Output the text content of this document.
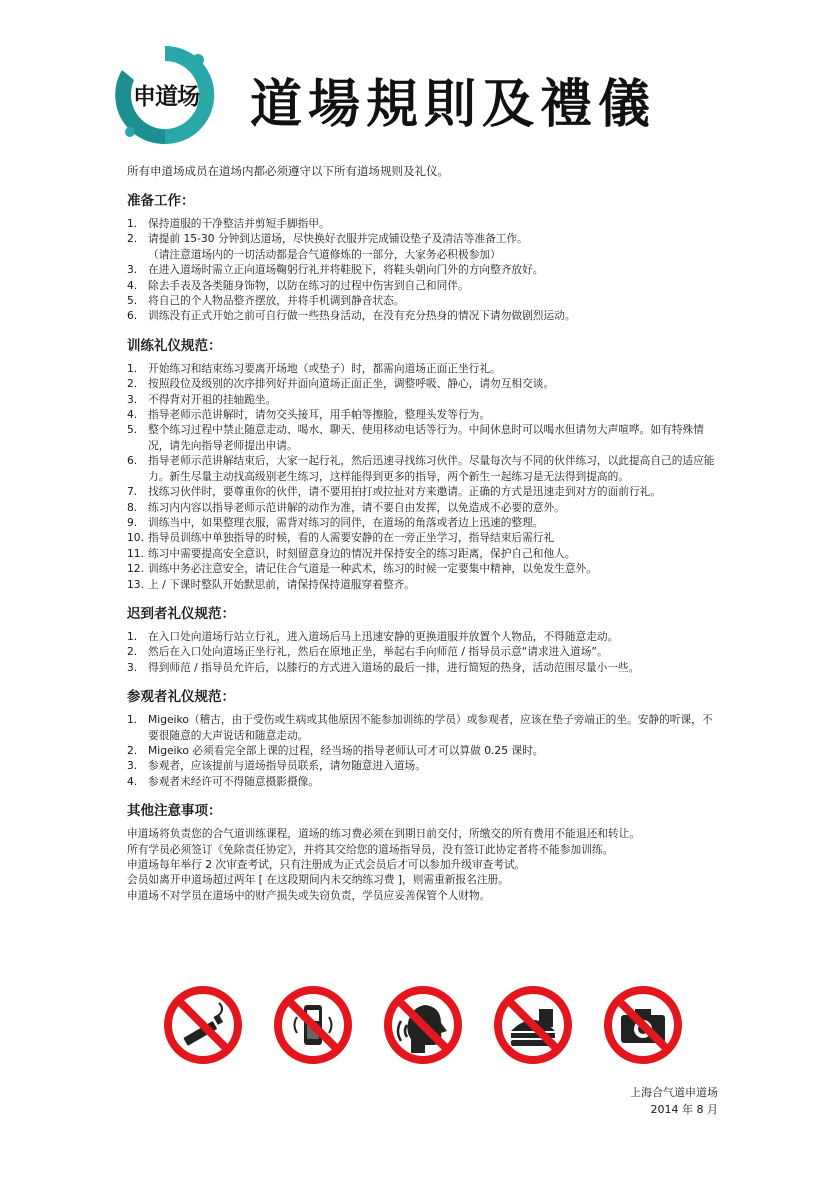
申道场 道場規則及禮儀

所有申道场成员在道场内都必须遵守以下所有道场规则及礼仪。

准备工作：
1. 保持道服的干净整洁并剪短手脚指甲。
2. 请提前 15-30 分钟到达道场，尽快换好衣服并完成铺设垫子及清洁等准备工作。
（请注意道场内的一切活动都是合气道修炼的一部分，大家务必积极参加）
3. 在进入道场时需立正向道场鞠躬行礼并将鞋脱下，将鞋头朝向门外的方向整齐放好。
4. 除去手表及各类随身饰物，以防在练习的过程中伤害到自己和同伴。
5. 将自己的个人物品整齐摆放，并将手机调到静音状态。
6. 训练没有正式开始之前可自行做一些热身活动，在没有充分热身的情况下请勿做剧烈运动。
训练礼仪规范：
1. 开始练习和结束练习要离开场地（或垫子）时，都需向道场正面正坐行礼。
2. 按照段位及级别的次序排列好并面向道场正面正坐，调整呼吸、静心，请勿互相交谈。
3. 不得背对开祖的挂轴跪坐。
4. 指导老师示范讲解时，请勿交头接耳，用手帕等擦脸，整理头发等行为。
5. 整个练习过程中禁止随意走动、喝水、聊天、使用移动电话等行为。中间休息时可以喝水但请勿大声喧哗。如有特殊情况，请先向指导老师提出申请。
6. 指导老师示范讲解结束后，大家一起行礼，然后迅速寻找练习伙伴。尽量每次与不同的伙伴练习，以此提高自己的适应能力。新生尽量主动找高级别老生练习，这样能得到更多的指导，两个新生一起练习是无法得到提高的。
7. 找练习伙伴时，要尊重你的伙伴，请不要用拍打或拉扯对方来邀请。正确的方式是迅速走到对方的面前行礼。
8. 练习内内容以指导老师示范讲解的动作为准，请不要自由发挥，以免造成不必要的意外。
9. 训练当中，如果整理衣服，需背对练习的同伴，在道场的角落或者边上迅速的整理。
10. 指导员训练中单独指导的时候，看的人需要安静的在一旁正坐学习，指导结束后需行礼
11. 练习中需要提高安全意识，时刻留意身边的情况并保持安全的练习距离，保护自己和他人。
12. 训练中务必注意安全，请记住合气道是一种武术，练习的时候一定要集中精神，以免发生意外。
13. 上 / 下课时整队开始默思前，请保持保持道服穿着整齐。
迟到者礼仪规范：
1. 在入口处向道场行站立行礼，进入道场后马上迅速安静的更换道服并放置个人物品，不得随意走动。
2. 然后在入口处向道场正坐行礼，然后在原地正坐，举起右手向师范 / 指导员示意“请求进入道场”。
3. 得到师范 / 指导员允许后，以膝行的方式进入道场的最后一排，进行简短的热身，活动范围尽量小一些。
参观者礼仪规范：
1. Migeiko（稽古，由于受伤或生病或其他原因不能参加训练的学员）或参观者，应该在垫子旁端正的坐。安静的听课，不要很随意的大声说话和随意走动。
2. Migeiko 必须看完全部上课的过程，经当场的指导老师认可才可以算做 0.25 课时。
3. 参观者，应该提前与道场指导员联系，请勿随意进入道场。
4. 参观者未经许可不得随意摄影摄像。
其他注意事项：

申道场将负责您的合气道训练课程，道场的练习费必须在到期日前交付，所缴交的所有费用不能退还和转让。

所有学员必须签订《免除责任协定》，并将其交给您的道场指导员，没有签订此协定者将不能参加训练。

申道场每年举行 2 次审查考试，只有注册成为正式会员后才可以参加升级审查考试。

会员如离开申道场超过两年 [ 在这段期间内未交纳练习费 ]，则需重新报名注册。

申道场不对学员在道场中的财产损失或失窃负责，学员应妥善保管个人财物。

上海合气道申道场
2014 年 8 月
